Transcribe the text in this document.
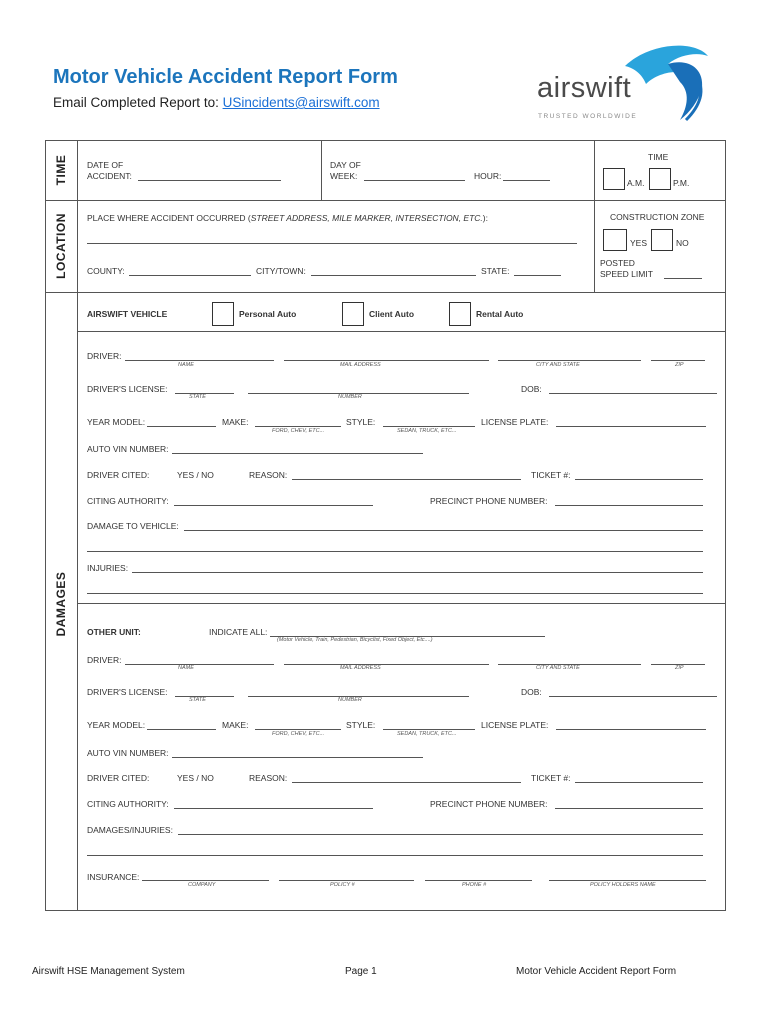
Motor Vehicle Accident Report Form
Email Completed Report to: USincidents@airswift.com	airswift
TRUSTED WORLDWIDE
TIME
LOCATION
DAMAGES
DATE OF
ACCIDENT:
DAY OF
WEEK:	HOUR:
TIME
A.M.	P.M.
PLACE WHERE ACCIDENT OCCURRED (STREET ADDRESS, MILE MARKER, INTERSECTION, ETC.):
COUNTY:	CITY/TOWN:	STATE:
CONSTRUCTION ZONE
YES	NO
POSTED
SPEED LIMIT
AIRSWIFT VEHICLE	Personal Auto	Client Auto	Rental Auto
DRIVER:
NAME	MAIL ADDRESS	CITY AND STATE	ZIP
DRIVER'S LICENSE:
STATE	NUMBER
DOB:
YEAR MODEL:	MAKE:
FORD, CHEV, ETC...
STYLE:
SEDAN, TRUCK, ETC...
LICENSE PLATE:
AUTO VIN NUMBER:
DRIVER CITED:	YES / NO	REASON:	TICKET #:
CITING AUTHORITY:	PRECINCT PHONE NUMBER:
DAMAGE TO VEHICLE:
INJURIES:
OTHER UNIT:	INDICATE ALL:
(Motor Vehicle, Train, Pedestrian, Bicyclist, Fixed Object, Etc....)
DRIVER:
NAME	MAIL ADDRESS	CITY AND STATE	ZIP
DRIVER'S LICENSE:
STATE	NUMBER
DOB:
YEAR MODEL:	MAKE:
FORD, CHEV, ETC...
STYLE:
SEDAN, TRUCK, ETC...
LICENSE PLATE:
AUTO VIN NUMBER:
DRIVER CITED:	YES / NO	REASON:	TICKET #:
CITING AUTHORITY:	PRECINCT PHONE NUMBER:
DAMAGES/INJURIES:
INSURANCE:
COMPANY	POLICY #	PHONE #	POLICY HOLDERS NAME
Airswift HSE Management System	Page 1	Motor Vehicle Accident Report Form
